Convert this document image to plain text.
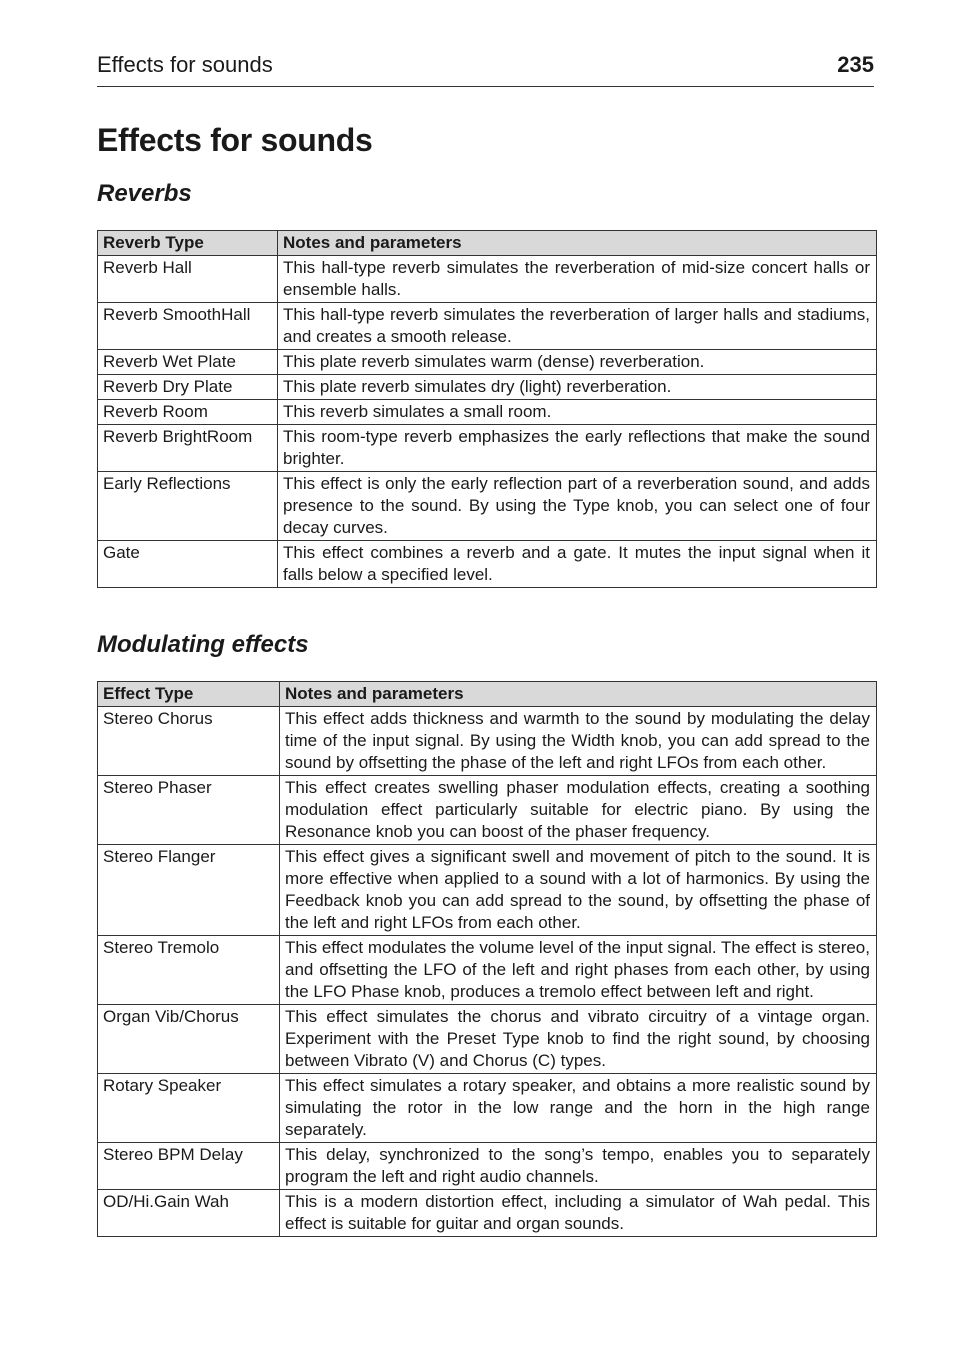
Effects for sounds	235
Effects for sounds
Reverbs
Reverb Type	Notes and parameters
Reverb Hall	This hall-type reverb simulates the reverberation of mid-size concert halls or ensemble halls.
Reverb SmoothHall	This hall-type reverb simulates the reverberation of larger halls and stadiums, and creates a smooth release.
Reverb Wet Plate	This plate reverb simulates warm (dense) reverberation.
Reverb Dry Plate	This plate reverb simulates dry (light) reverberation.
Reverb Room	This reverb simulates a small room.
Reverb BrightRoom	This room-type reverb emphasizes the early reflections that make the sound brighter.
Early Reflections	This effect is only the early reflection part of a reverberation sound, and adds presence to the sound. By using the Type knob, you can select one of four decay curves.
Gate	This effect combines a reverb and a gate. It mutes the input signal when it falls below a specified level.
Modulating effects
Effect Type	Notes and parameters
Stereo Chorus	This effect adds thickness and warmth to the sound by modulating the delay time of the input signal. By using the Width knob, you can add spread to the sound by offsetting the phase of the left and right LFOs from each other.
Stereo Phaser	This effect creates swelling phaser modulation effects, creating a soothing modulation effect particularly suitable for electric piano. By using the Resonance knob you can boost of the phaser frequency.
Stereo Flanger	This effect gives a significant swell and movement of pitch to the sound. It is more effective when applied to a sound with a lot of harmonics. By using the Feedback knob you can add spread to the sound, by offsetting the phase of the left and right LFOs from each other.
Stereo Tremolo	This effect modulates the volume level of the input signal. The effect is stereo, and offsetting the LFO of the left and right phases from each other, by using the LFO Phase knob, produces a tremolo effect between left and right.
Organ Vib/Chorus	This effect simulates the chorus and vibrato circuitry of a vintage organ. Experiment with the Preset Type knob to find the right sound, by choosing between Vibrato (V) and Chorus (C) types.
Rotary Speaker	This effect simulates a rotary speaker, and obtains a more realistic sound by simulating the rotor in the low range and the horn in the high range separately.
Stereo BPM Delay	This delay, synchronized to the song’s tempo, enables you to separately program the left and right audio channels.
OD/Hi.Gain Wah	This is a modern distortion effect, including a simulator of Wah pedal. This effect is suitable for guitar and organ sounds.
